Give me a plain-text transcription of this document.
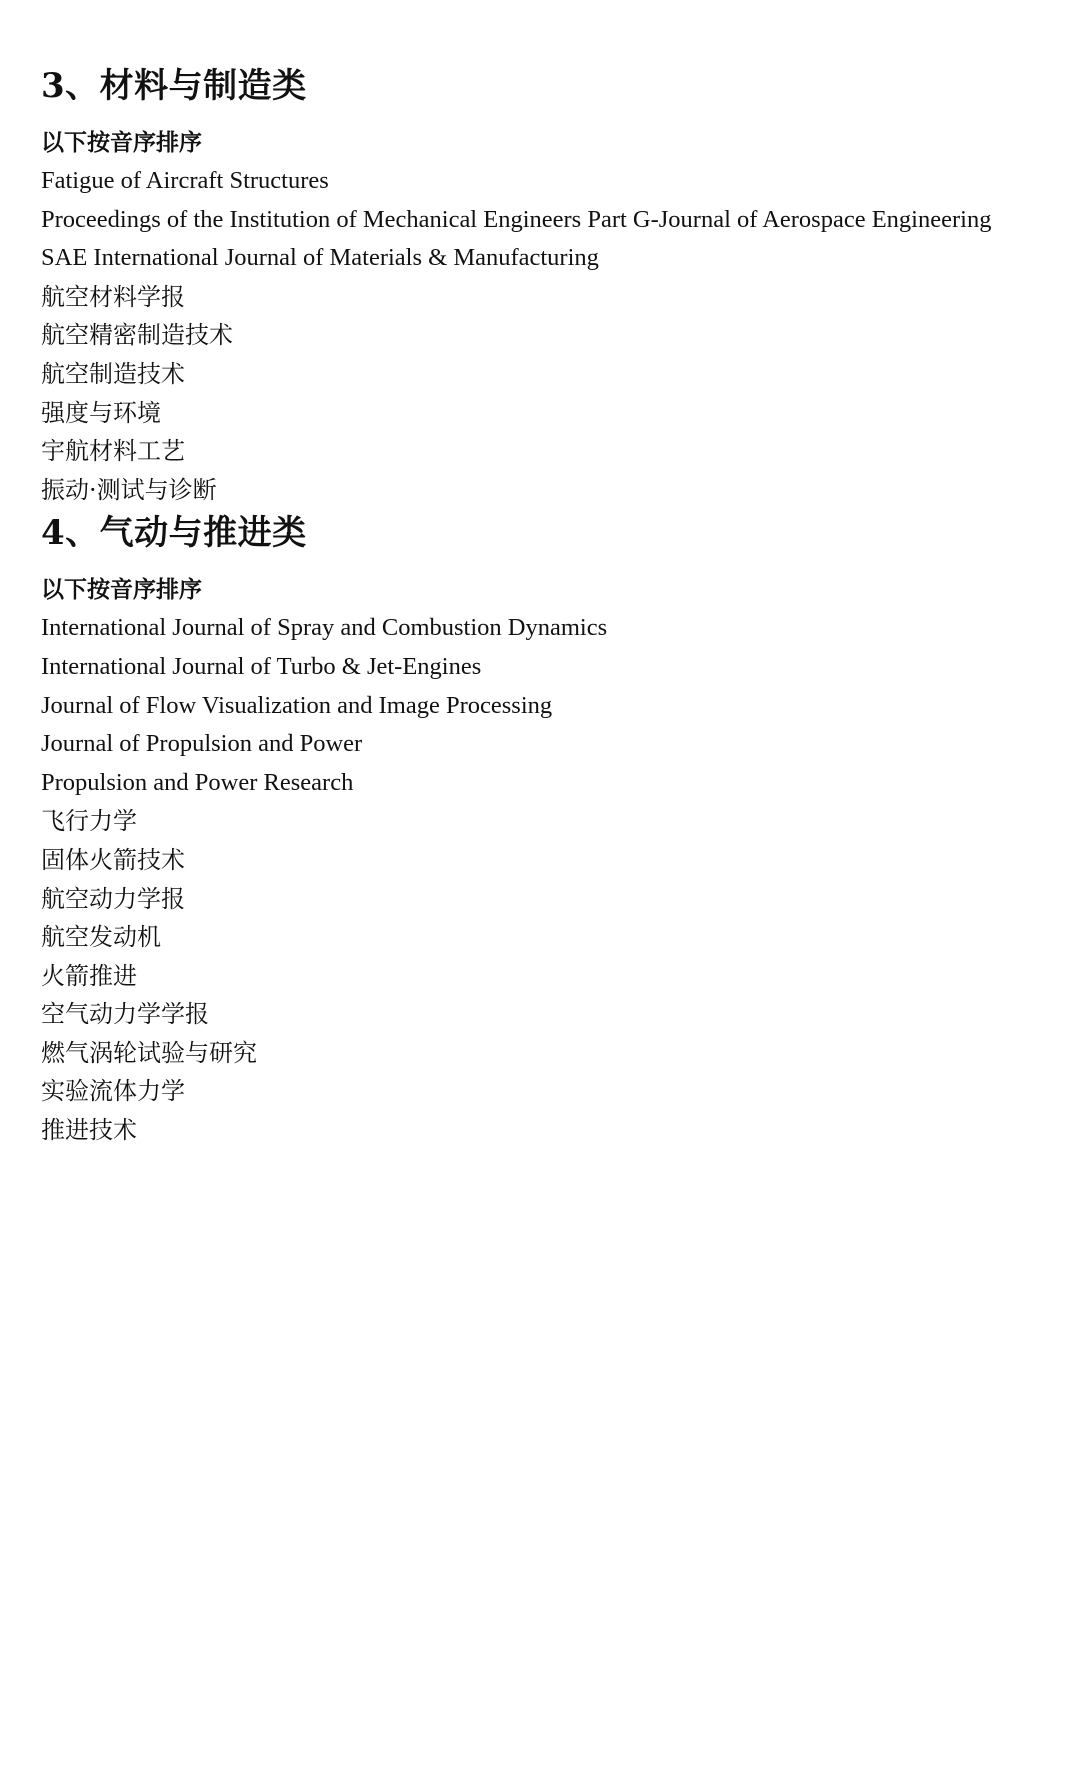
3、材料与制造类
以下按音序排序
Fatigue of Aircraft Structures
Proceedings of the Institution of Mechanical Engineers Part G-Journal of Aerospace Engineering
SAE International Journal of Materials & Manufacturing
航空材料学报
航空精密制造技术
航空制造技术
强度与环境
宇航材料工艺
振动·测试与诊断
4、气动与推进类
以下按音序排序
International Journal of Spray and Combustion Dynamics
International Journal of Turbo & Jet-Engines
Journal of Flow Visualization and Image Processing
Journal of Propulsion and Power
Propulsion and Power Research
飞行力学
固体火箭技术
航空动力学报
航空发动机
火箭推进
空气动力学学报
燃气涡轮试验与研究
实验流体力学
推进技术
